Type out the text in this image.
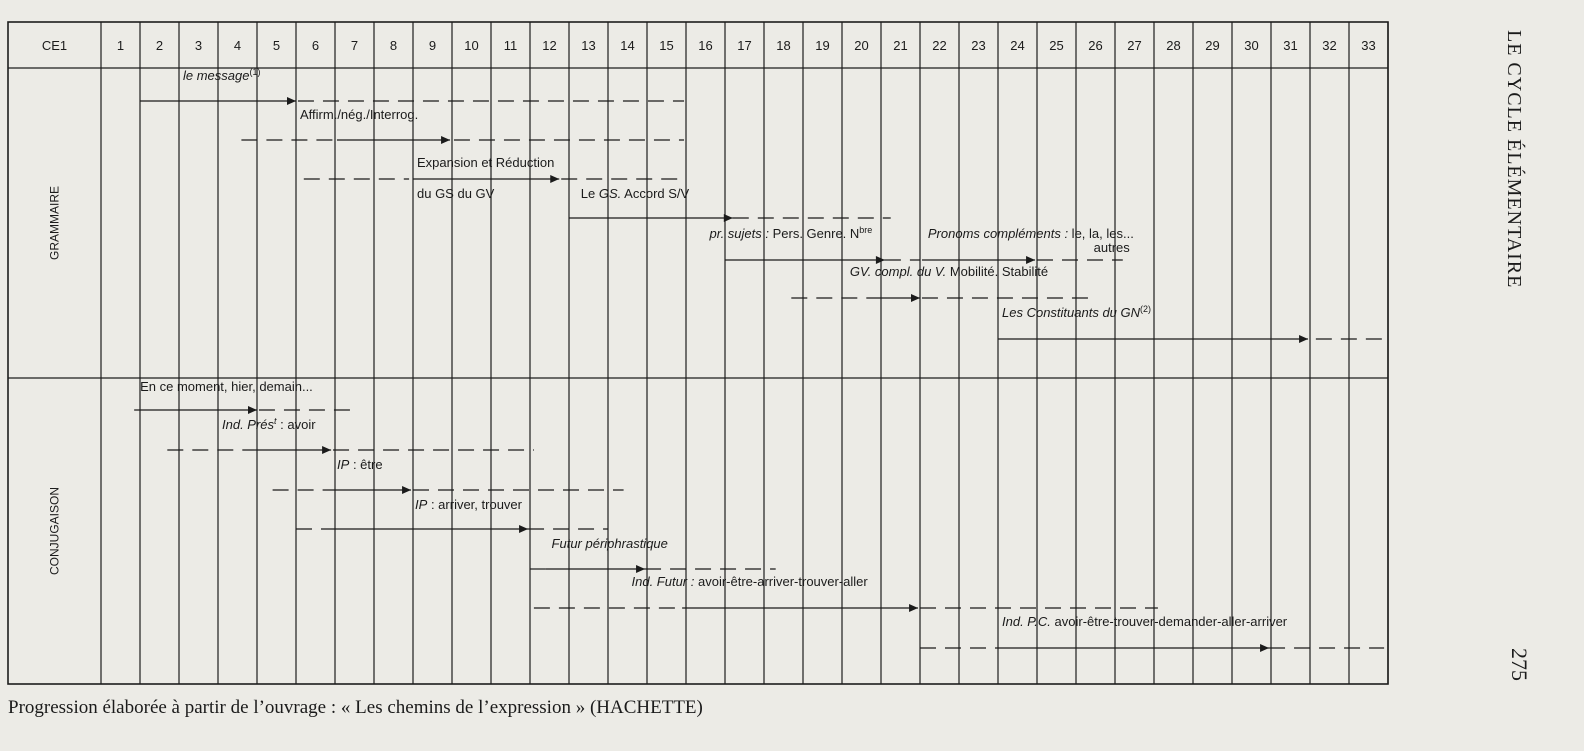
CE1	1 2 3 4 5 6 7 8 9 10 11 12 13 14 15 16 17 18 19 20 21 22 23 24 25 26 27 28 29 30 31 32 33
GRAMMAIRE
CONJUGAISON
le message$^{(1)}$
Affirm./nég./Interrog.
Expansion et Réduction
du GS du GV	Le GS. Accord S/V
pr. sujets : Pers. Genre. $N^{bre}$	Pronoms compléments : le, la, les...
autres
GV. compl. du V. Mobilité. Stabilité
Les Constituants du GN$^{(2)}$
En ce moment, hier, demain...
Ind. Prés$^t$ : avoir
IP : être
IP : arriver, trouver
Futur périphrastique
Ind. Futur : avoir-être-arriver-trouver-aller
Ind. P.C. avoir-être-trouver-demander-aller-arriver
Progression élaborée à partir de l’ouvrage : « Les chemins de l’expression » (HACHETTE)
LE CYCLE ÉLÉMENTAIRE
275
